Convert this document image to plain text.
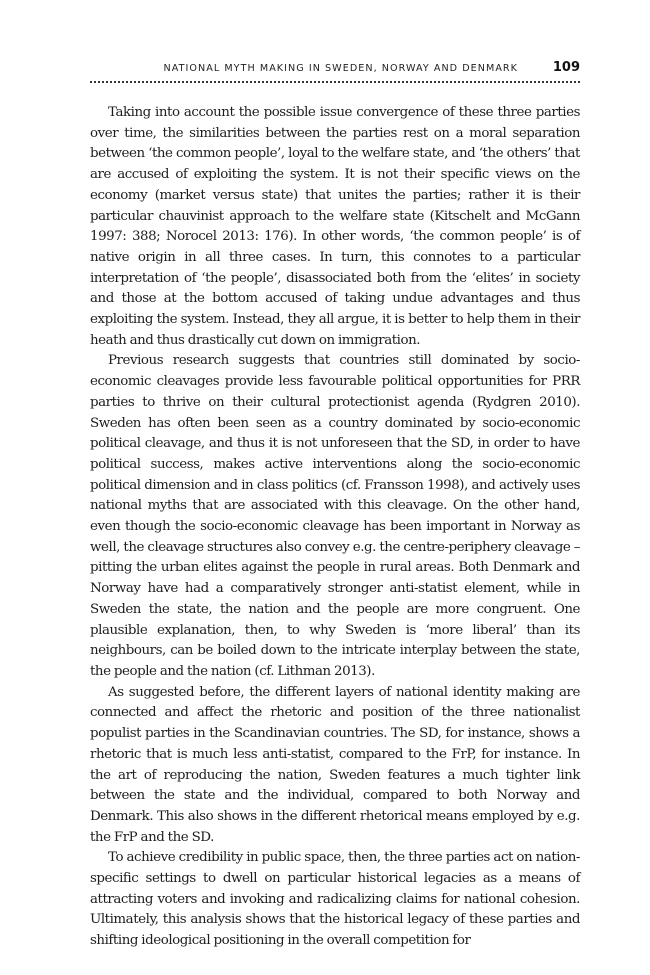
NATIONAL MYTH MAKING IN SWEDEN, NORWAY AND DENMARK	109

Taking into account the possible issue convergence of these three parties over time, the similarities between the parties rest on a moral separation between ‘the common people’, loyal to the welfare state, and ‘the others’ that are accused of exploiting the system. It is not their specific views on the economy (market versus state) that unites the parties; rather it is their particular chauvinist approach to the welfare state (Kitschelt and McGann 1997: 388; Norocel 2013: 176). In other words, ‘the common people’ is of native origin in all three cases. In turn, this connotes to a particular interpretation of ‘the people’, disassociated both from the ‘elites’ in society and those at the bottom accused of taking undue advantages and thus exploiting the system. Instead, they all argue, it is better to help them in their heath and thus drastically cut down on immigration.

Previous research suggests that countries still dominated by socio-economic cleavages provide less favourable political opportunities for PRR parties to thrive on their cultural protectionist agenda (Rydgren 2010). Sweden has often been seen as a country dominated by socio-economic political cleavage, and thus it is not unforeseen that the SD, in order to have political success, makes active interventions along the socio-economic political dimension and in class politics (cf. Fransson 1998), and actively uses national myths that are associated with this cleavage. On the other hand, even though the socio-economic cleavage has been important in Norway as well, the cleavage structures also convey e.g. the centre-periphery cleavage – pitting the urban elites against the people in rural areas. Both Denmark and Norway have had a comparatively stronger anti-statist element, while in Sweden the state, the nation and the people are more congruent. One plausible explanation, then, to why Sweden is ‘more liberal’ than its neighbours, can be boiled down to the intricate interplay between the state, the people and the nation (cf. Lithman 2013).

As suggested before, the different layers of national identity making are connected and affect the rhetoric and position of the three nationalist populist parties in the Scandinavian countries. The SD, for instance, shows a rhetoric that is much less anti-statist, compared to the FrP, for instance. In the art of reproducing the nation, Sweden features a much tighter link between the state and the individual, compared to both Norway and Denmark. This also shows in the different rhetorical means employed by e.g. the FrP and the SD.

To achieve credibility in public space, then, the three parties act on nation-specific settings to dwell on particular historical legacies as a means of attracting voters and invoking and radicalizing claims for national cohesion. Ultimately, this analysis shows that the historical legacy of these parties and shifting ideological positioning in the overall competition for
